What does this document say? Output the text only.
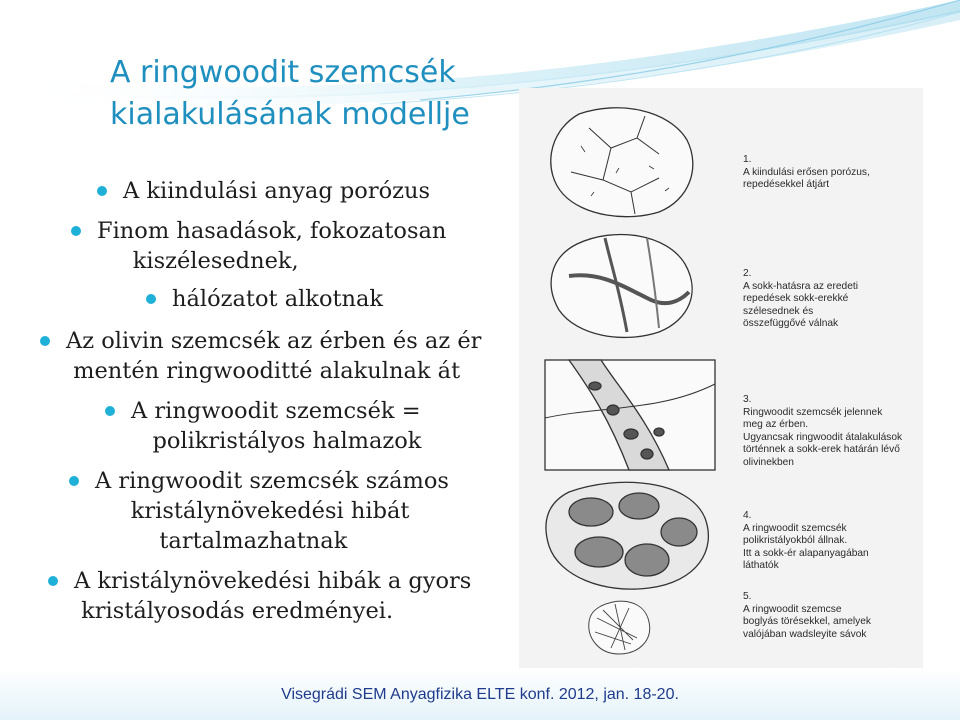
A ringwoodit szemcsék
kialakulásának modellje
A kiindulási anyag porózus
Finom hasadások, fokozatosan
kiszélesednek,
hálózatot alkotnak
Az olivin szemcsék az érben és az ér
mentén ringwooditté alakulnak át
A ringwoodit szemcsék =
polikristályos halmazok
A ringwoodit szemcsék számos
kristálynövekedési hibát
tartalmazhatnak
A kristálynövekedési hibák a gyors
kristályosodás eredményei.
1.
A kiindulási erősen porózus,
repedésekkel átjárt
2.
A sokk-hatásra az eredeti
repedések sokk-erekké
szélesednek és
összefüggővé válnak
3.
Ringwoodit szemcsék jelennek
meg az érben.
Ugyancsak ringwoodit átalakulások
történnek a sokk-erek határán lévő
olivinekben
4.
A ringwoodit szemcsék
polikristályokból állnak.
Itt a sokk-ér alapanyagában
láthatók
5.
A ringwoodit szemcse
boglyás törésekkel, amelyek
valójában wadsleyite sávok

Visegrádi SEM Anyagfizika ELTE konf. 2012, jan. 18-20.
